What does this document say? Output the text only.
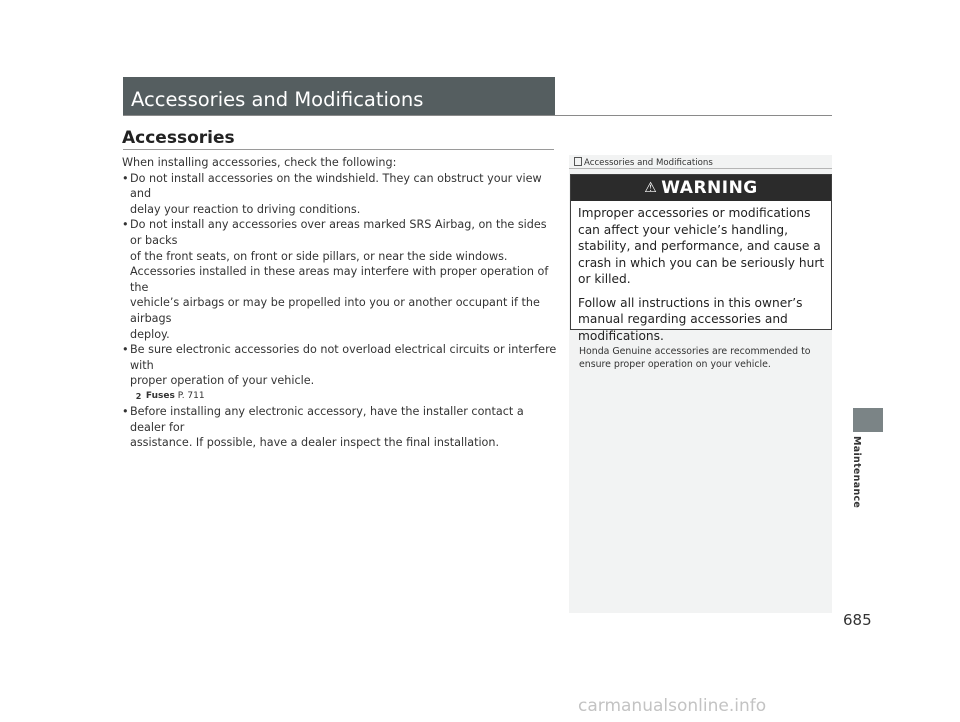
Accessories and Modifications
Accessories

When installing accessories, check the following:

• Do not install accessories on the windshield. They can obstruct your view and
delay your reaction to driving conditions.
• Do not install any accessories over areas marked SRS Airbag, on the sides or backs
of the front seats, on front or side pillars, or near the side windows.
Accessories installed in these areas may interfere with proper operation of the
vehicle’s airbags or may be propelled into you or another occupant if the airbags
deploy.
• Be sure electronic accessories do not overload electrical circuits or interfere with
proper operation of your vehicle.
2 Fuses P. 711
• Before installing any electronic accessory, have the installer contact a dealer for
assistance. If possible, have a dealer inspect the final installation.
Accessories and Modifications
⚠ WARNING

Improper accessories or modifications can affect your vehicle’s handling, stability, and performance, and cause a crash in which you can be seriously hurt or killed.

Follow all instructions in this owner’s manual regarding accessories and modifications.

Honda Genuine accessories are recommended to ensure proper operation on your vehicle.
Maintenance
685
carmanualsonline.info
